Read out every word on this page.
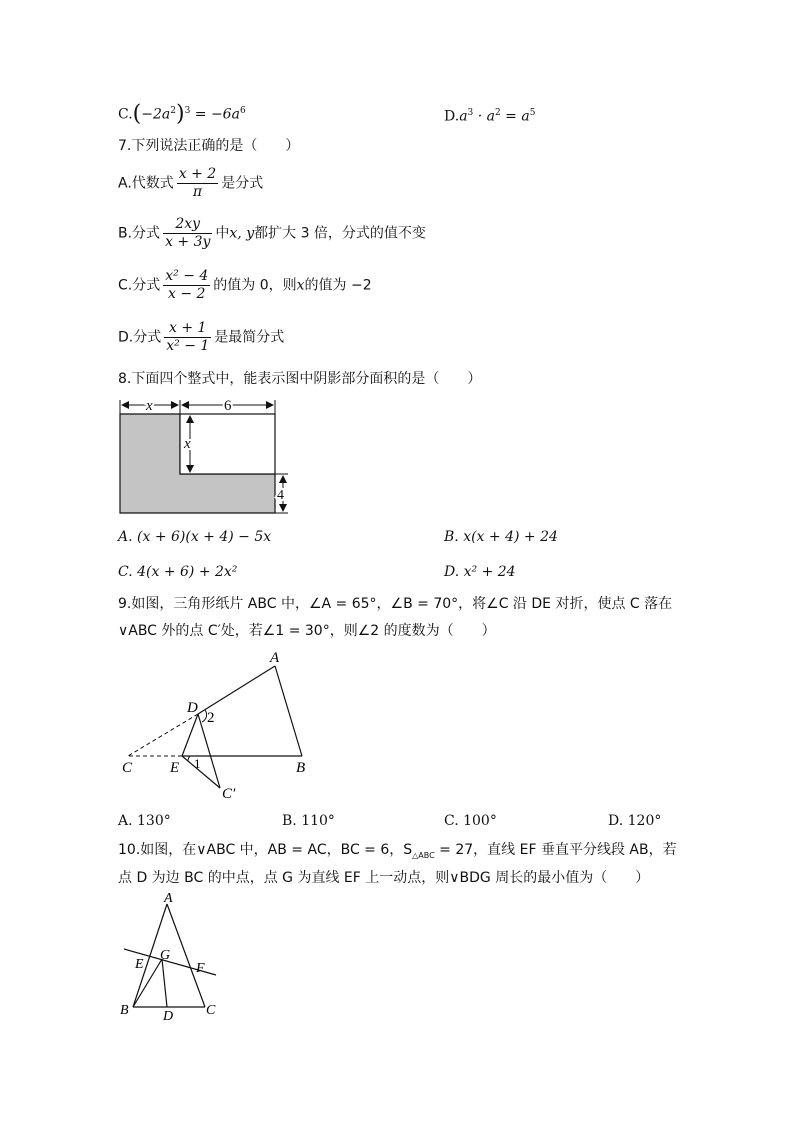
$C.(-2a^2)^3 = -6a^6$	$D.a^3 \cdot a^2 = a^5$
7.下列说法正确的是（　　）
A.代数式 $\frac{x + 2}{\pi}$ 是分式
B.分式 $\frac{2xy}{x + 3y}$ 中x, y都扩大 3 倍，分式的值不变
C.分式 $\frac{\text{x² − 4}}{x - 2}$ 的值为 0，则x的值为 −2
D.分式 $\frac{x + 1}{\text{x² − 1}}$ 是最简分式
8.下面四个整式中，能表示图中阴影部分面积的是（　　）
x	6
x
4
A. (x + 6)(x + 4) − 5x	B. x(x + 4) + 24
C. 4(x + 6) + 2x²	D. x² + 24
9.如图，三角形纸片 ABC 中，∠A = 65°，∠B = 70°，将∠C 沿 DE 对折，使点 C 落在
∨ABC 外的点 C′处，若∠1 = 30°，则∠2 的度数为（　　）
A
D
2
C	E 1	B
C′
A. 130°	B. 110°	C. 100°	D. 120°
10.如图，在∨ABC 中，AB = AC，BC = 6，$S_{\triangle ABC} = 27$，直线 EF 垂直平分线段 AB，若
点 D 为边 BC 的中点，点 G 为直线 EF 上一动点，则∨BDG 周长的最小值为（　　）
A
E
G
F
B D C
